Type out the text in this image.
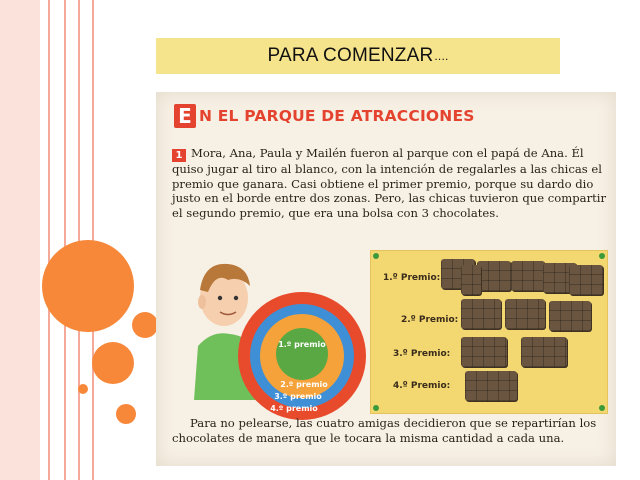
PARA COMENZAR ....
E N EL PARQUE DE ATRACCIONES
1 Mora, Ana, Paula y Mailén fueron al parque con el papá de Ana. Él quiso jugar al tiro al blanco, con la intención de regalarles a las chicas el premio que ganara. Casi obtiene el primer premio, porque su dardo dio justo en el borde entre dos zonas. Pero, las chicas tuvieron que compartir el segundo premio, que era una bolsa con 3 chocolates.
1.º premio
2.º premio
3.º premio
4.º premio
1.º Premio:
2.º Premio:
3.º Premio:
4.º Premio:
Para no pelearse, las cuatro amigas decidieron que se repartirían los chocolates de manera que le tocara la misma cantidad a cada una.
